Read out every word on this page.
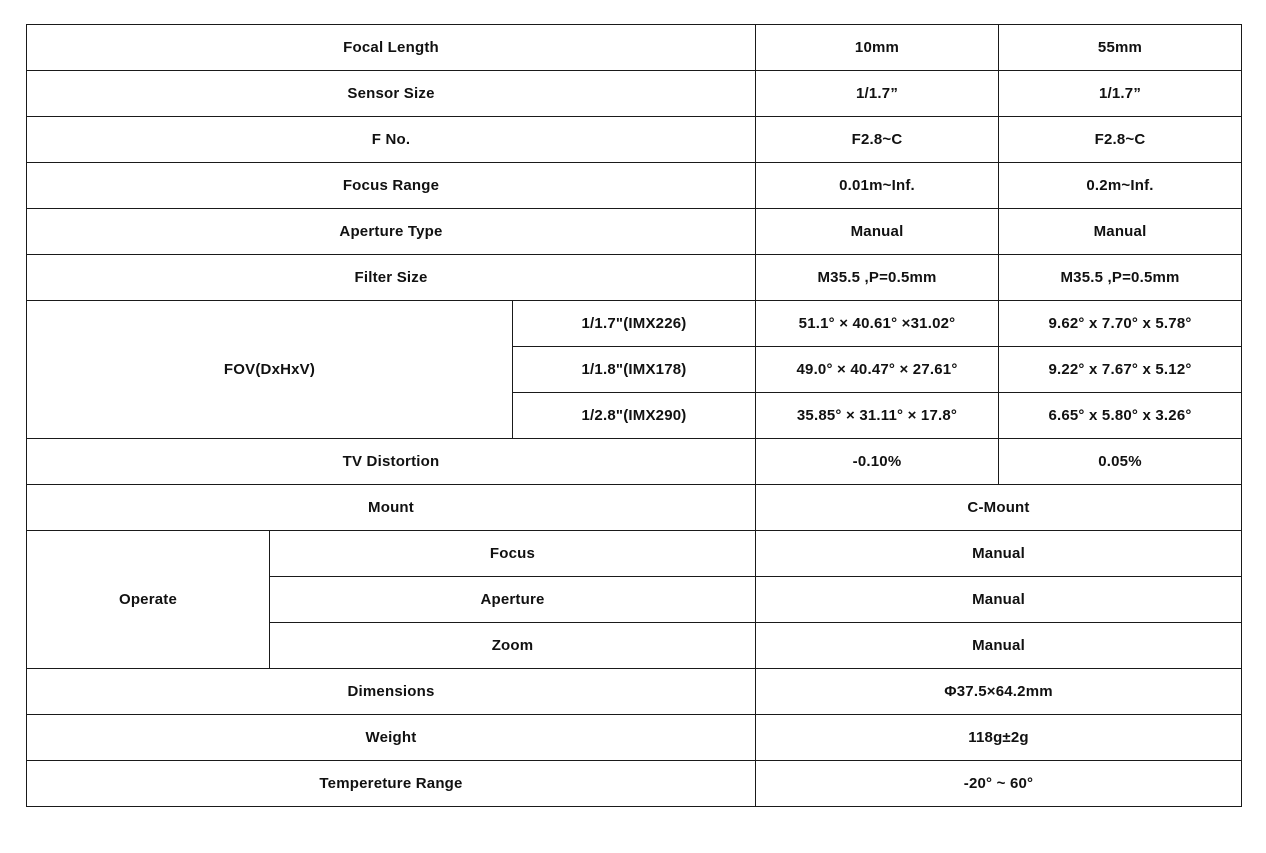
Focal Length			10mm	55mm
Sensor Size			1/1.7”	1/1.7”
F No.			F2.8~C	F2.8~C
Focus Range			0.01m~Inf.	0.2m~Inf.
Aperture Type			Manual	Manual
Filter Size			M35.5 ,P=0.5mm	M35.5 ,P=0.5mm
FOV(DxHxV)		1/1.7"(IMX226)	51.1° × 40.61° ×31.02°	9.62° x 7.70° x 5.78°
		1/1.8"(IMX178)	49.0° × 40.47° × 27.61°	9.22° x 7.67° x 5.12°
		1/2.8"(IMX290)	35.85° × 31.11° × 17.8°	6.65° x 5.80° x 3.26°
TV Distortion			-0.10%	0.05%
Mount			C-Mount	
Operate	Focus		Manual	
	Aperture		Manual	
	Zoom		Manual	
Dimensions			Φ37.5×64.2mm	
Weight			118g±2g	
Tempereture Range			-20° ~ 60°	
